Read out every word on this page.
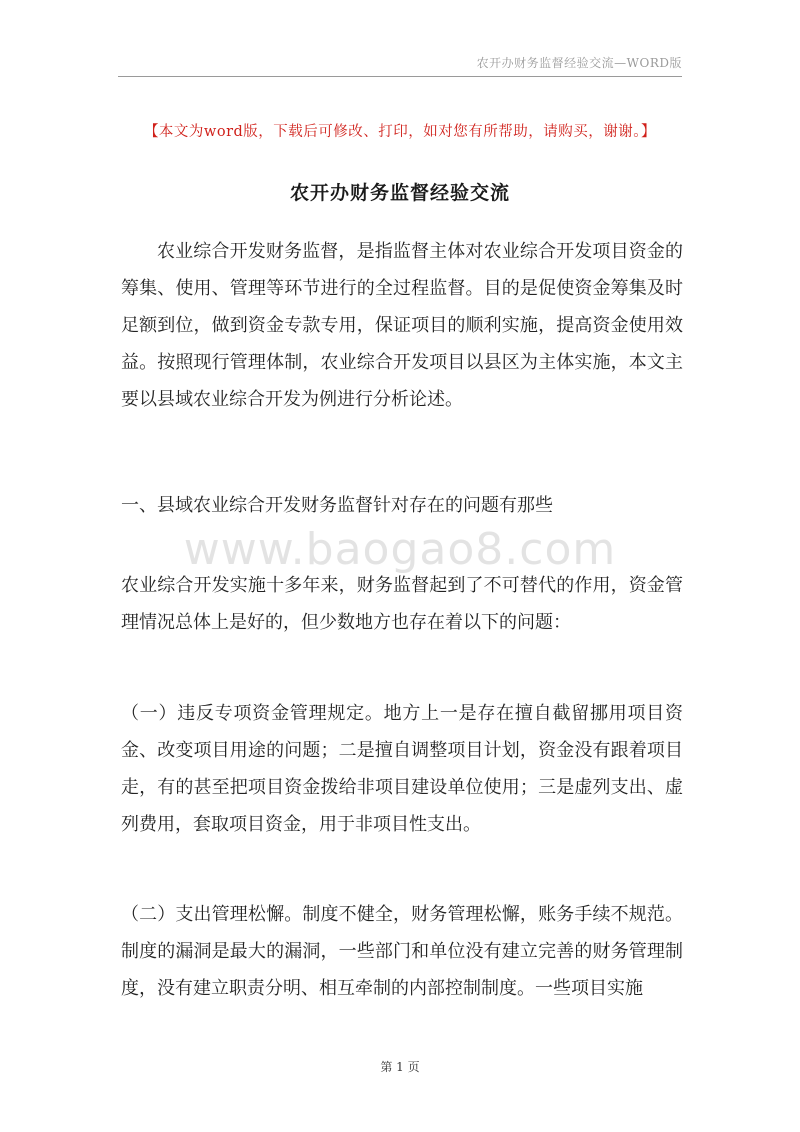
农开办财务监督经验交流—WORD版
【本文为word版，下载后可修改、打印，如对您有所帮助，请购买，谢谢。】
农开办财务监督经验交流
农业综合开发财务监督，是指监督主体对农业综合开发项目资金的筹集、使用、管理等环节进行的全过程监督。目的是促使资金筹集及时足额到位，做到资金专款专用，保证项目的顺利实施，提高资金使用效益。按照现行管理体制，农业综合开发项目以县区为主体实施，本文主要以县域农业综合开发为例进行分析论述。
一、县域农业综合开发财务监督针对存在的问题有那些
www.baogao8.com
农业综合开发实施十多年来，财务监督起到了不可替代的作用，资金管理情况总体上是好的，但少数地方也存在着以下的问题：
（一）违反专项资金管理规定。地方上一是存在擅自截留挪用项目资金、改变项目用途的问题；二是擅自调整项目计划，资金没有跟着项目走，有的甚至把项目资金拨给非项目建设单位使用；三是虚列支出、虚列费用，套取项目资金，用于非项目性支出。
（二）支出管理松懈。制度不健全，财务管理松懈，账务手续不规范。制度的漏洞是最大的漏洞，一些部门和单位没有建立完善的财务管理制度，没有建立职责分明、相互牵制的内部控制制度。一些项目实施
第 1 页
